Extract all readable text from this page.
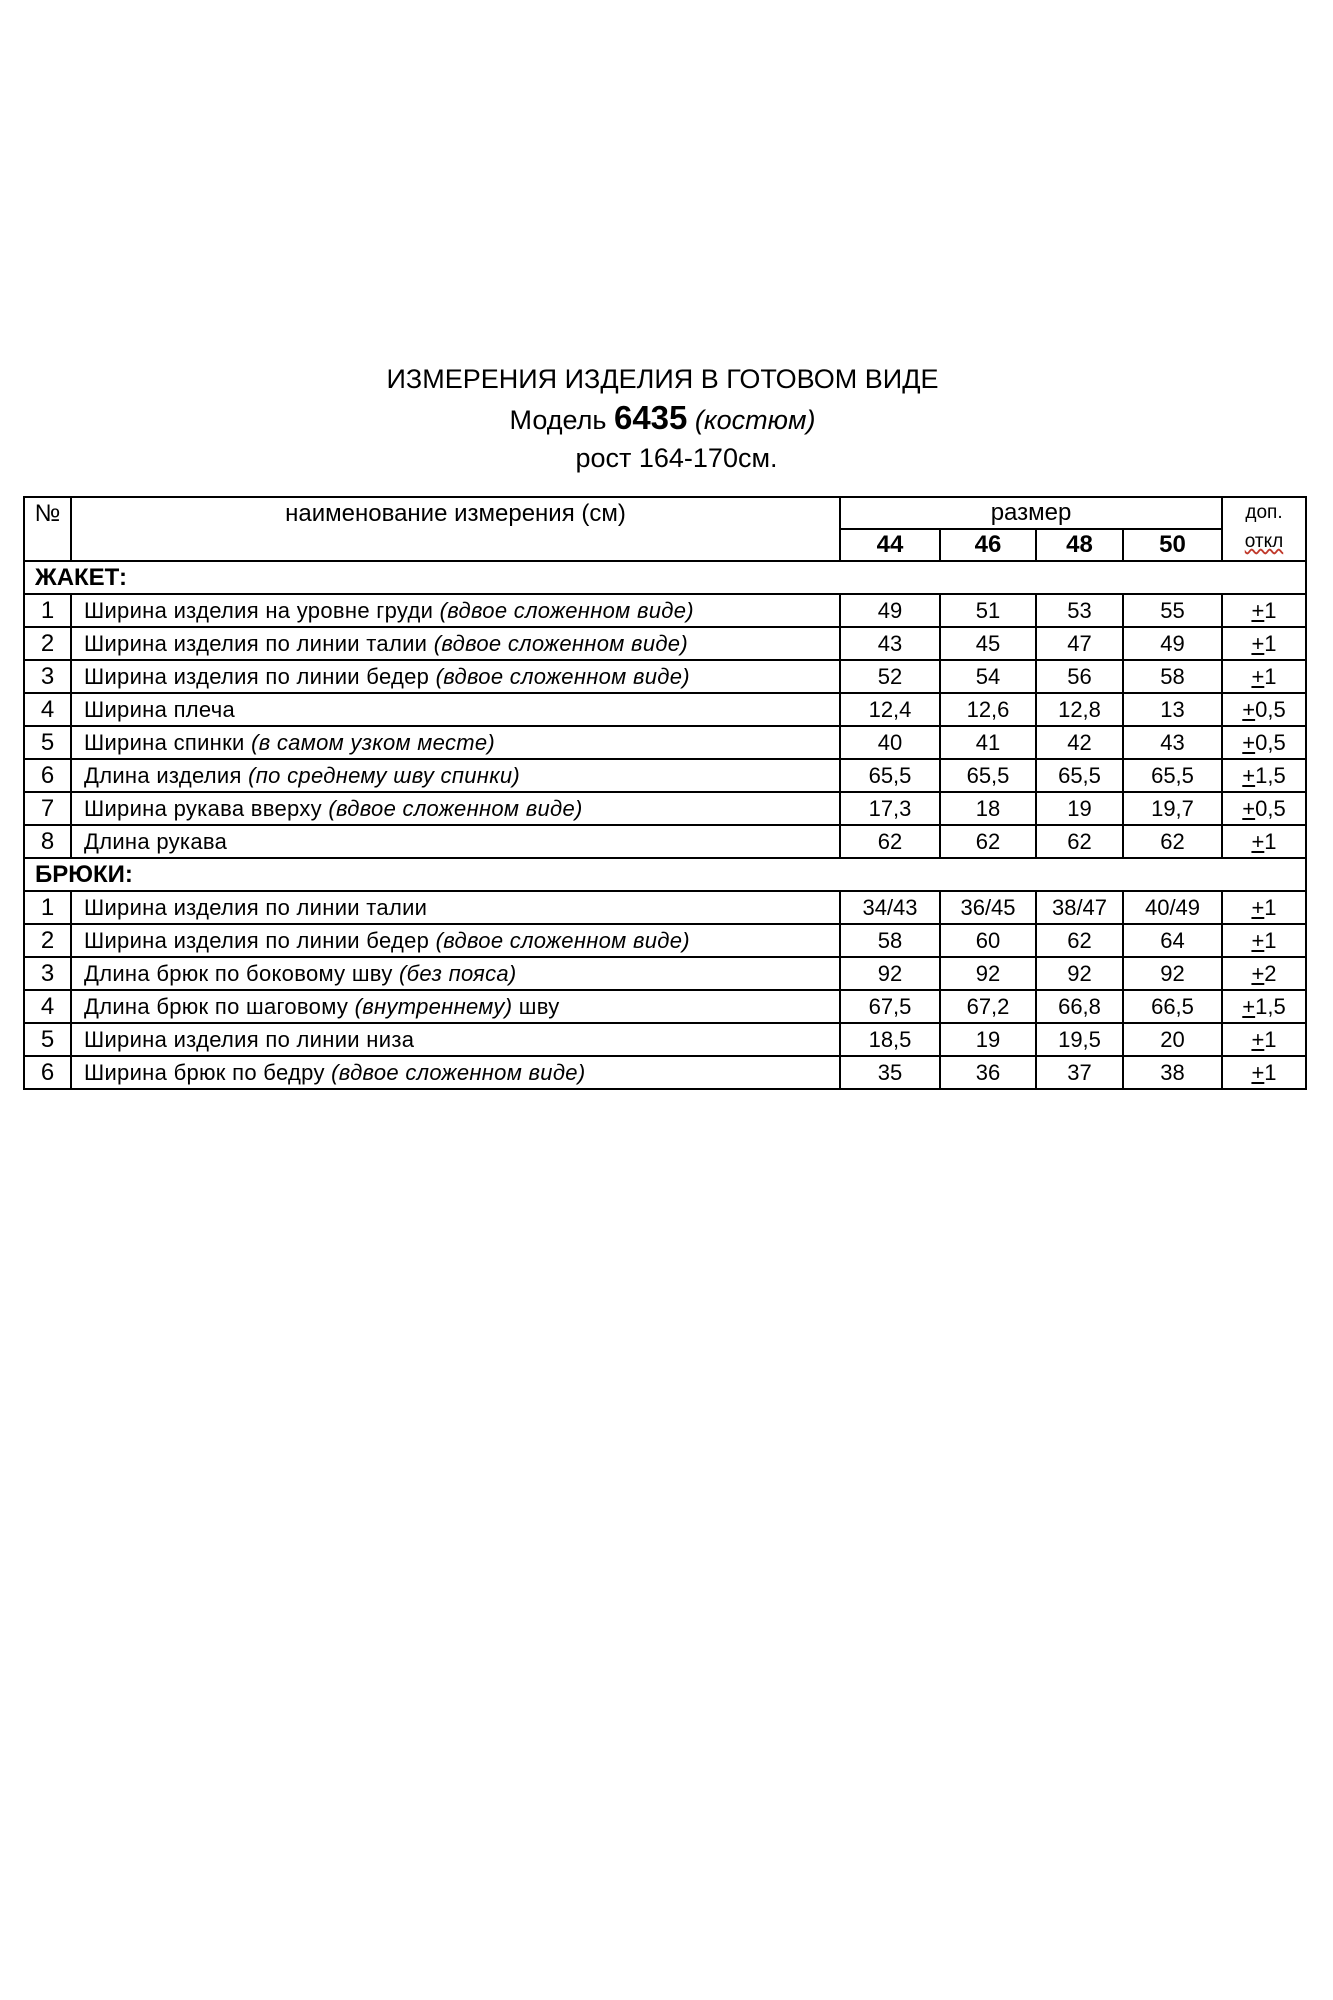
ИЗМЕРЕНИЯ ИЗДЕЛИЯ В ГОТОВОМ ВИДЕ
Модель 6435 (костюм)
рост 164-170см.
№	наименование измерения (см)	размер				доп.
откл

		44	46	48	50	
ЖАКЕТ:						
1	Ширина изделия на уровне груди (вдвое сложенном виде)	49	51	53	55	+1
2	Ширина изделия по линии талии (вдвое сложенном виде)	43	45	47	49	+1
3	Ширина изделия по линии бедер (вдвое сложенном виде)	52	54	56	58	+1
4	Ширина плеча	12,4	12,6	12,8	13	+0,5
5	Ширина спинки (в самом узком месте)	40	41	42	43	+0,5
6	Длина изделия (по среднему шву спинки)	65,5	65,5	65,5	65,5	+1,5
7	Ширина рукава вверху (вдвое сложенном виде)	17,3	18	19	19,7	+0,5
8	Длина рукава	62	62	62	62	+1
БРЮКИ:						
1	Ширина изделия по линии талии	34/43	36/45	38/47	40/49	+1
2	Ширина изделия по линии бедер (вдвое сложенном виде)	58	60	62	64	+1
3	Длина брюк по боковому шву (без пояса)	92	92	92	92	+2
4	Длина брюк по шаговому (внутреннему) шву	67,5	67,2	66,8	66,5	+1,5
5	Ширина изделия по линии низа	18,5	19	19,5	20	+1
6	Ширина брюк по бедру (вдвое сложенном виде)	35	36	37	38	+1
